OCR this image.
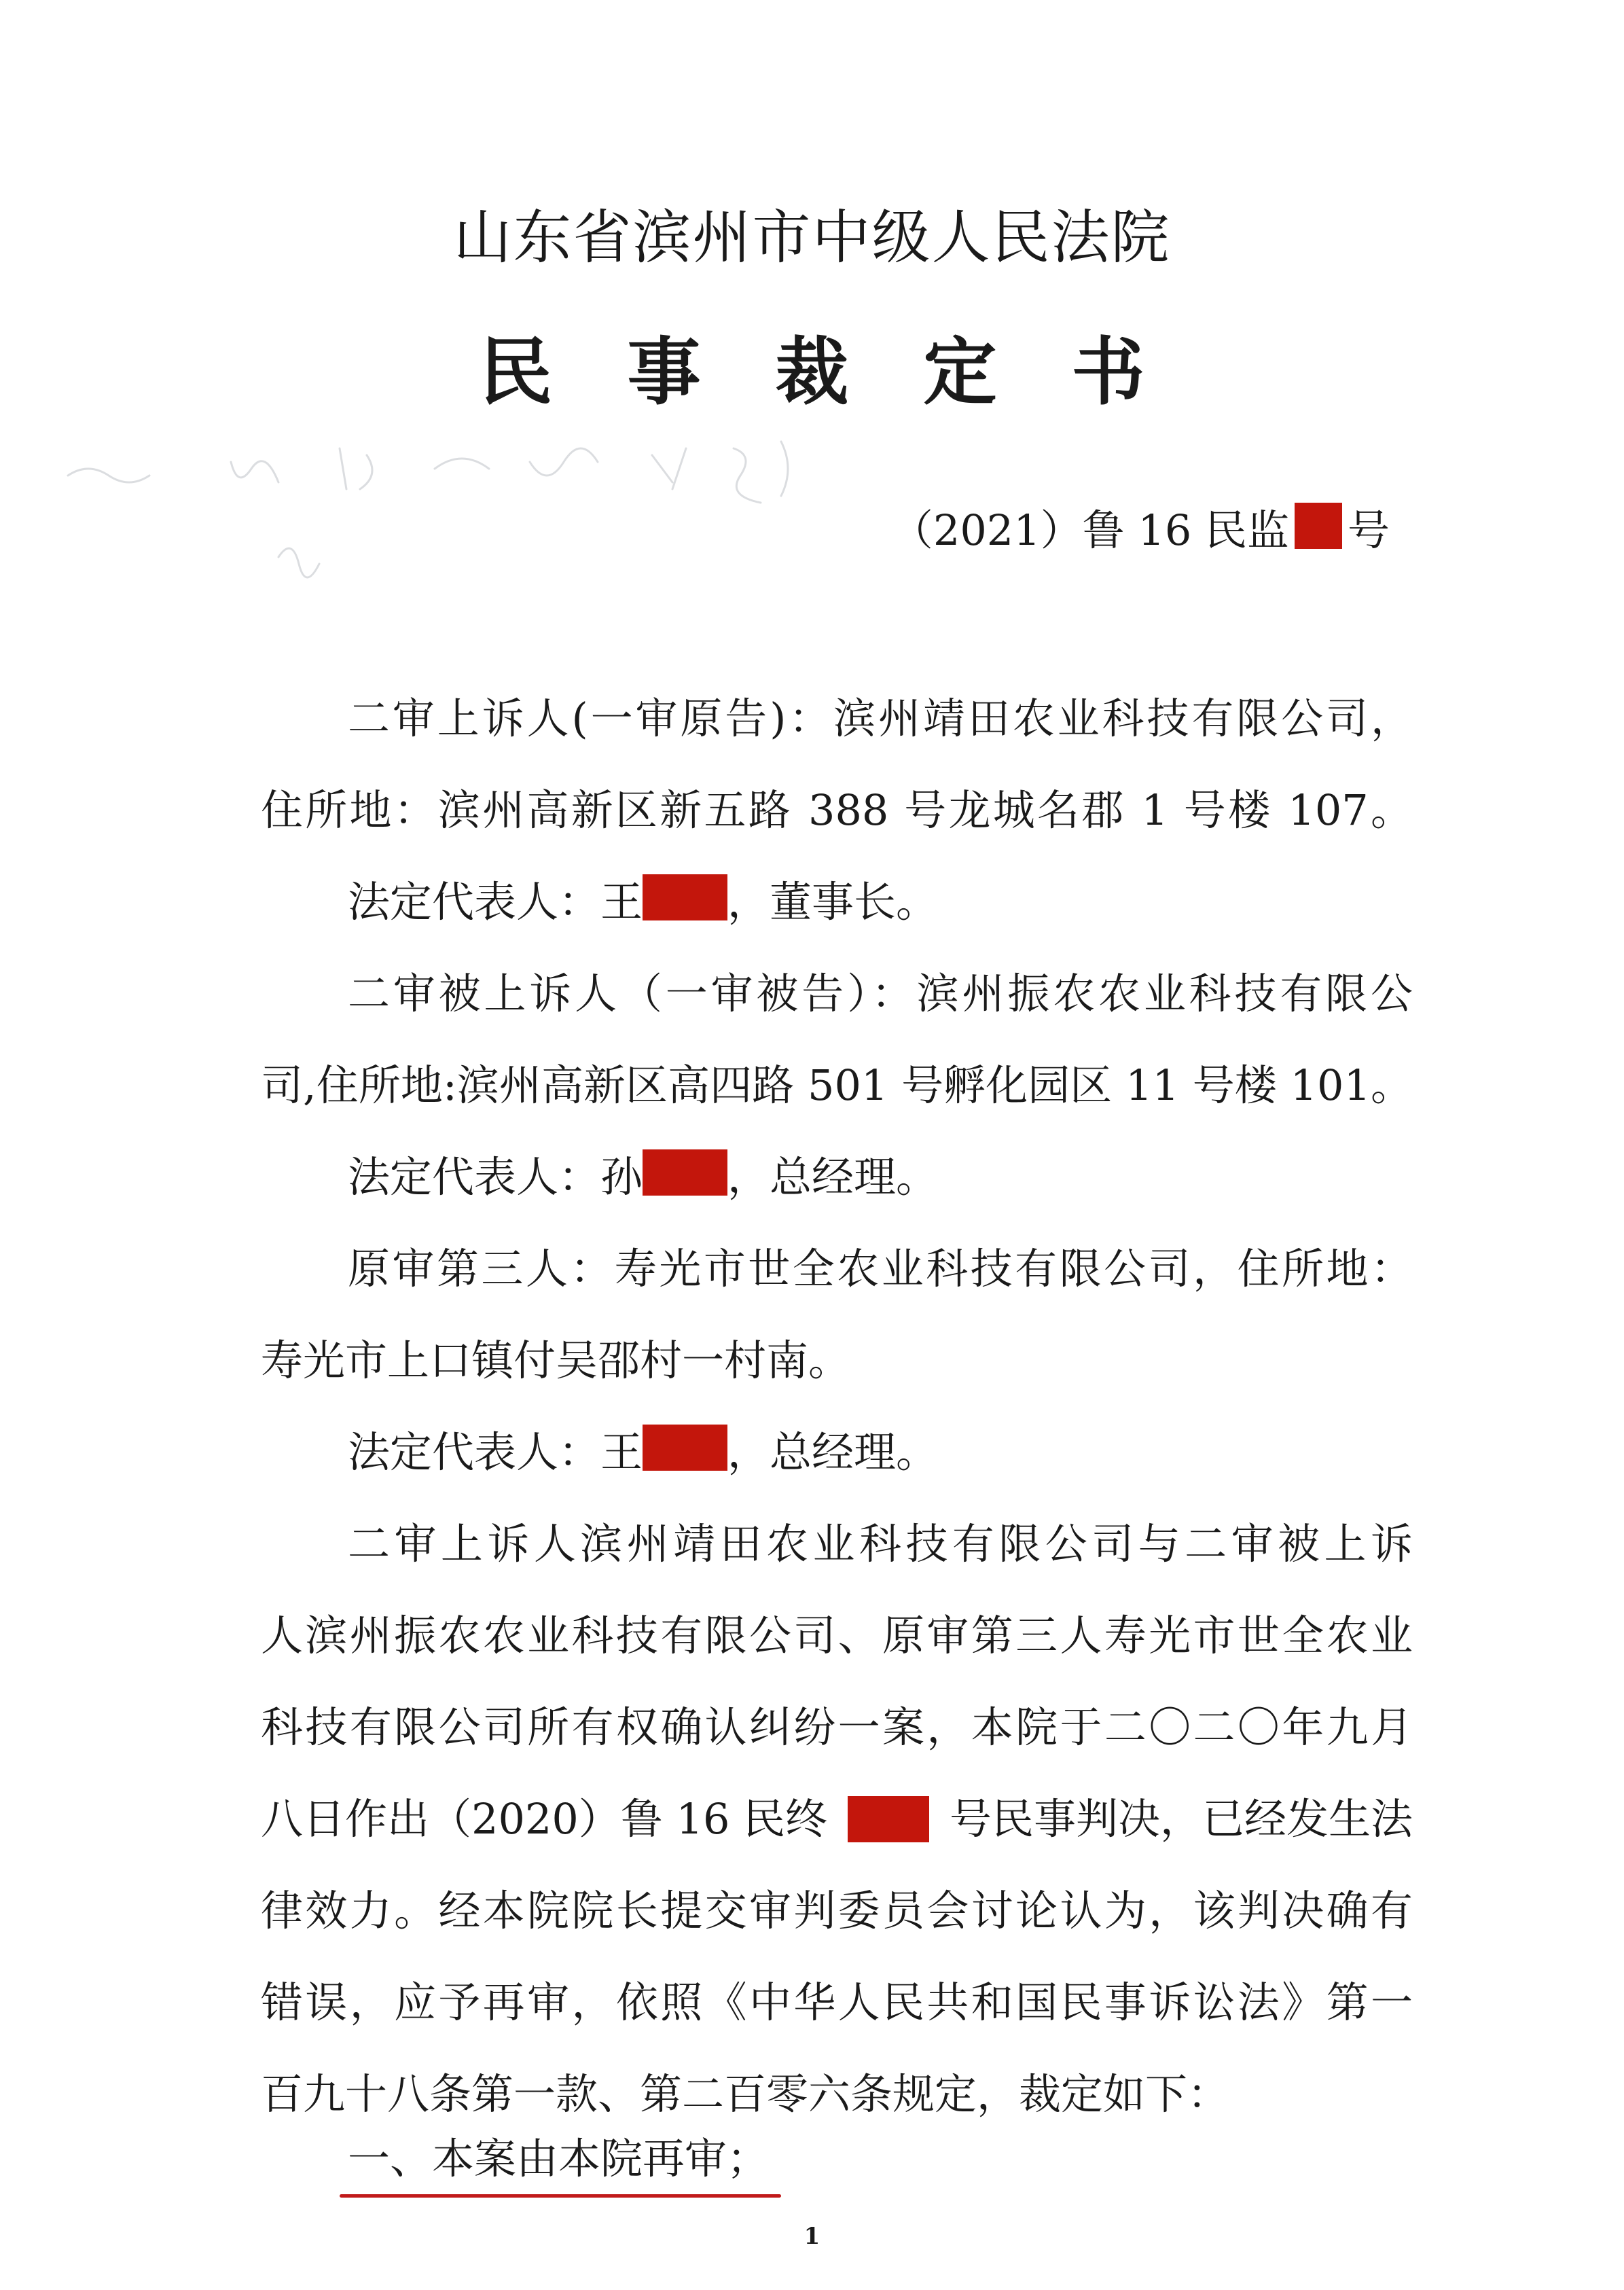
山东省滨州市中级人民法院
民 事 裁 定 书
（2021）鲁 16 民监 号
二审上诉人(一审原告)：滨州靖田农业科技有限公司，
住所地：滨州高新区新五路 388 号龙城名郡 1 号楼 107。
法定代表人：王 ，董事长。
二审被上诉人（一审被告）：滨州振农农业科技有限公
司,住所地:滨州高新区高四路 501 号孵化园区 11 号楼 101。
法定代表人：孙 ，总经理。
原审第三人：寿光市世全农业科技有限公司，住所地：
寿光市上口镇付吴邵村一村南。
法定代表人：王 ，总经理。
二审上诉人滨州靖田农业科技有限公司与二审被上诉
人滨州振农农业科技有限公司、原审第三人寿光市世全农业
科技有限公司所有权确认纠纷一案，本院于二〇二〇年九月
八日作出（2020）鲁 16 民终	号民事判决，已经发生法
律效力。经本院院长提交审判委员会讨论认为，该判决确有
错误，应予再审，依照《中华人民共和国民事诉讼法》第一
百九十八条第一款、第二百零六条规定，裁定如下：
一、本案由本院再审；
1
